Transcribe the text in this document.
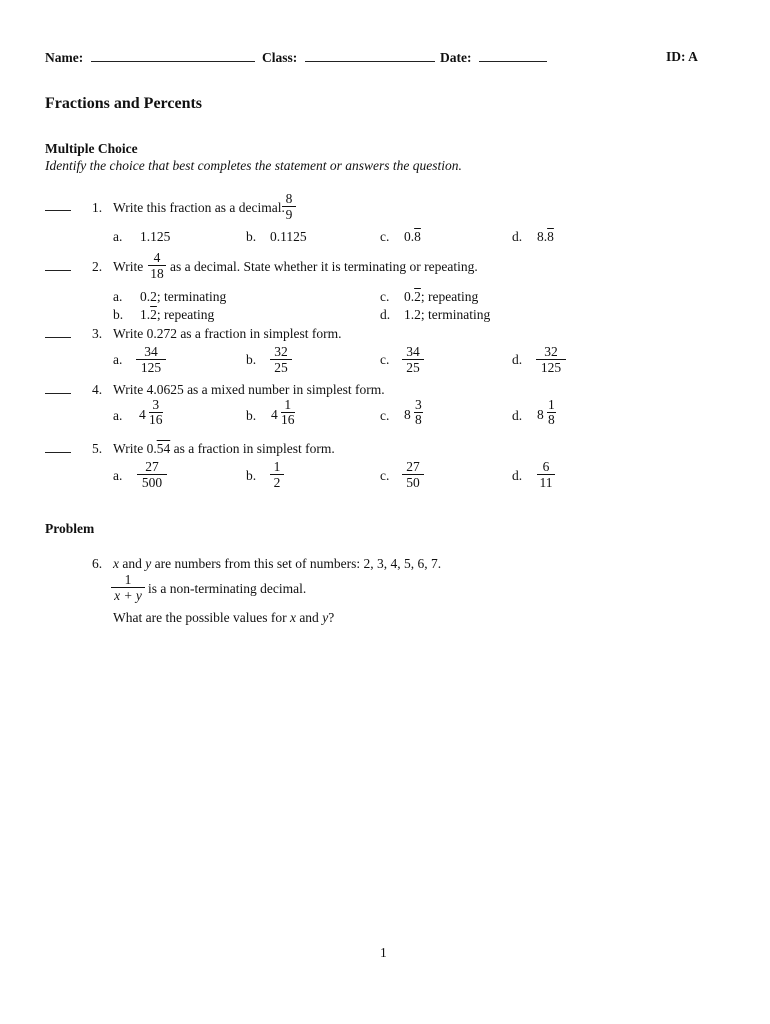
Name:	Class:	Date:	ID: A
Fractions and Percents
Multiple Choice
Identify the choice that best completes the statement or answers the question.
1. Write this fraction as a decimal.
$\frac{8}{9}$
a. 1.125	b. 0.1125	c. 0.8	d. 8.8
2. Write $\frac{4}{18}$ as a decimal. State whether it is terminating or repeating.
a. 0.2; terminating	c. 0.2; repeating
b. 1.2; repeating	d. 1.2; terminating
3. Write 0.272 as a fraction in simplest form.
a. $\frac{34}{125}$	b. $\frac{32}{25}$	c. $\frac{34}{25}$	d. $\frac{32}{125}$
4. Write 4.0625 as a mixed number in simplest form.
a. $4 \frac{3}{16}$	b. $4 \frac{1}{16}$	c. $8 \frac{3}{8}$	d. $8 \frac{1}{8}$
5. Write 0.54 as a fraction in simplest form.
a. $\frac{27}{500}$	b. $\frac{1}{2}$	c. $\frac{27}{50}$	d. $\frac{6}{11}$
Problem
6. x and y are numbers from this set of numbers: 2, 3, 4, 5, 6, 7.
$\frac{1}{x + y}$ is a non-terminating decimal.
What are the possible values for x and y?
1
